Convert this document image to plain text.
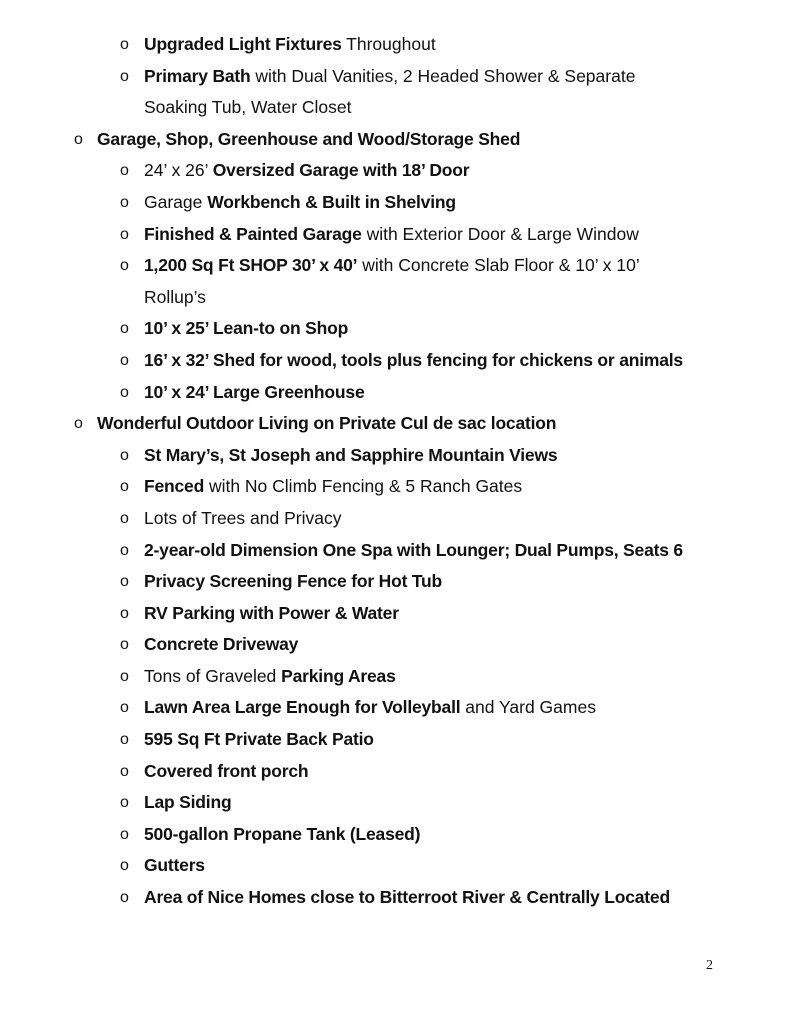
o Upgraded Light Fixtures Throughout
o Primary Bath with Dual Vanities, 2 Headed Shower & Separate
Soaking Tub, Water Closet
o Garage, Shop, Greenhouse and Wood/Storage Shed
o 24’ x 26’ Oversized Garage with 18’ Door
o Garage Workbench & Built in Shelving
o Finished & Painted Garage with Exterior Door & Large Window
o 1,200 Sq Ft SHOP 30’ x 40’ with Concrete Slab Floor & 10’ x 10’
Rollup’s
o 10’ x 25’ Lean-to on Shop
o 16’ x 32’ Shed for wood, tools plus fencing for chickens or animals
o 10’ x 24’ Large Greenhouse
o Wonderful Outdoor Living on Private Cul de sac location
o St Mary’s, St Joseph and Sapphire Mountain Views
o Fenced with No Climb Fencing & 5 Ranch Gates
o Lots of Trees and Privacy
o 2-year-old Dimension One Spa with Lounger; Dual Pumps, Seats 6
o Privacy Screening Fence for Hot Tub
o RV Parking with Power & Water
o Concrete Driveway
o Tons of Graveled Parking Areas
o Lawn Area Large Enough for Volleyball and Yard Games
o 595 Sq Ft Private Back Patio
o Covered front porch
o Lap Siding
o 500-gallon Propane Tank (Leased)
o Gutters
o Area of Nice Homes close to Bitterroot River & Centrally Located
2
